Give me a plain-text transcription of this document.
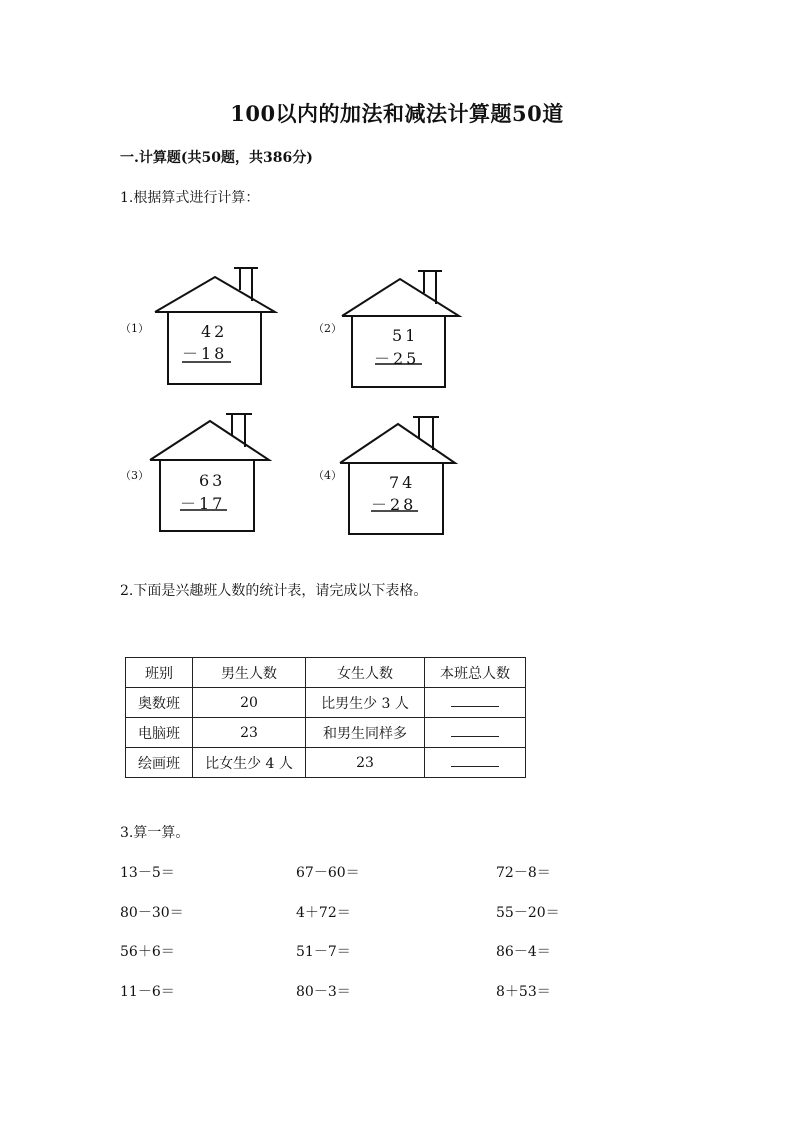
100以内的加法和减法计算题50道
一.计算题(共50题，共386分)
1.根据算式进行计算：
（1）	42
－18
（2）	51
－25
（3）	63
－17
（4）	74
－28
2.下面是兴趣班人数的统计表，请完成以下表格。
班别	男生人数	女生人数	本班总人数
奥数班	20	比男生少 3 人	
电脑班	23	和男生同样多	
绘画班	比女生少 4 人	23	
3.算一算。
13－5＝	67－60＝	72－8＝
80－30＝	4＋72＝	55－20＝
56＋6＝	51－7＝	86－4＝
11－6＝	80－3＝	8＋53＝
